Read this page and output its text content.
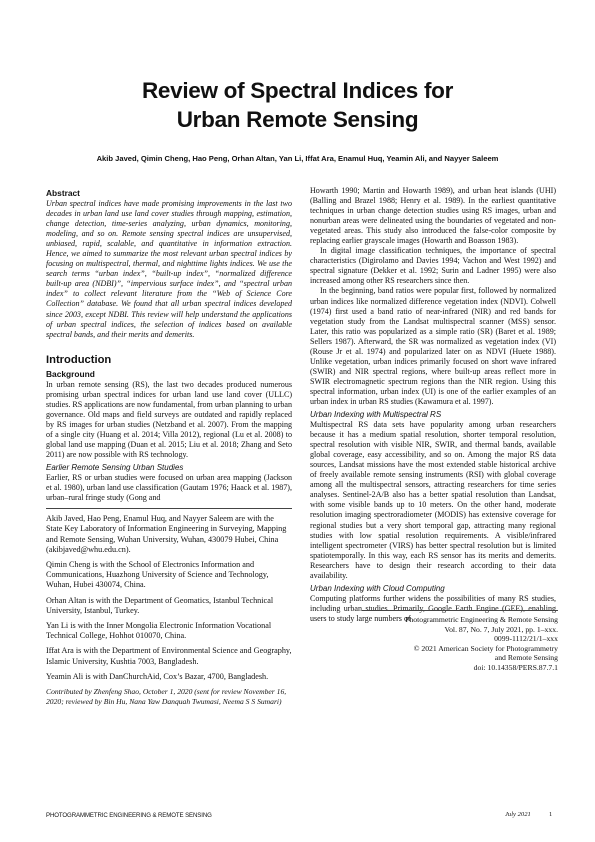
Review of Spectral Indices for
Urban Remote Sensing
Akib Javed, Qimin Cheng, Hao Peng, Orhan Altan, Yan Li, Iffat Ara, Enamul Huq, Yeamin Ali, and Nayyer Saleem
Abstract

Urban spectral indices have made promising improvements in the last two decades in urban land use land cover studies through mapping, estimation, change detection, time-series analyzing, urban dynamics, monitoring, modeling, and so on. Remote sensing spectral indices are unsupervised, unbiased, rapid, scalable, and quantitative in information extraction. Hence, we aimed to summarize the most relevant urban spectral indices by focusing on multispectral, thermal, and nighttime lights indices. We use the search terms “urban index”, “built-up index”, “normalized difference built-up area (NDBI)”, “impervious surface index”, and “spectral urban index” to collect relevant literature from the “Web of Science Core Collection” database. We found that all urban spectral indices developed since 2003, except NDBI. This review will help understand the applications of urban spectral indices, the selection of indices based on available spectral bands, and their merits and demerits.

Introduction
Background

In urban remote sensing (RS), the last two decades produced numerous promising urban spectral indices for urban land use land cover (ULLC) studies. RS applications are now fundamental, from urban planning to urban governance. Old maps and field surveys are outdated and rapidly replaced by RS images for urban studies (Netzband et al. 2007). From the mapping of a single city (Huang et al. 2014; Villa 2012), regional (Lu et al. 2008) to global land use mapping (Duan et al. 2015; Liu et al. 2018; Zhang and Seto 2011) are now possible with RS technology.

Earlier Remote Sensing Urban Studies

Earlier, RS or urban studies were focused on urban area mapping (Jackson et al. 1980), urban land use classification (Gautam 1976; Haack et al. 1987), urban–rural fringe study (Gong and

Akib Javed, Hao Peng, Enamul Huq, and Nayyer Saleem are with the State Key Laboratory of Information Engineering in Surveying, Mapping and Remote Sensing, Wuhan University, Wuhan, 430079 Hubei, China (akibjaved@whu.edu.cn).

Qimin Cheng is with the School of Electronics Information and Communications, Huazhong University of Science and Technology, Wuhan, Hubei 430074, China.

Orhan Altan is with the Department of Geomatics, Istanbul Technical University, Istanbul, Turkey.

Yan Li is with the Inner Mongolia Electronic Information Vocational Technical College, Hohhot 010070, China.

Iffat Ara is with the Department of Environmental Science and Geography, Islamic University, Kushtia 7003, Bangladesh.

Yeamin Ali is with DanChurchAid, Cox’s Bazar, 4700, Bangladesh.

Contributed by Zhenfeng Shao, October 1, 2020 (sent for review November 16, 2020; reviewed by Bin Hu, Nana Yaw Danquah Twumasi, Neema S S Sumari)

Howarth 1990; Martin and Howarth 1989), and urban heat islands (UHI) (Balling and Brazel 1988; Henry et al. 1989). In the earliest quantitative techniques in urban change detection studies using RS images, urban and nonurban areas were delineated using the boundaries of vegetated and non-vegetated areas. This study also introduced the false-color composite by replacing earlier grayscale images (Howarth and Boasson 1983).

In digital image classification techniques, the importance of spectral characteristics (Digirolamo and Davies 1994; Vachon and West 1992) and spectral signature (Dekker et al. 1992; Surin and Ladner 1995) were also increased among other RS researchers since then.

In the beginning, band ratios were popular first, followed by normalized urban indices like normalized difference vegetation index (NDVI). Colwell (1974) first used a band ratio of near-infrared (NIR) and red bands for vegetation study from the Landsat multispectral scanner (MSS) sensor. Later, this ratio was popularized as a simple ratio (SR) (Baret et al. 1989; Sellers 1987). Afterward, the SR was normalized as vegetation index (VI) (Rouse Jr et al. 1974) and popularized later on as NDVI (Huete 1988). Unlike vegetation, urban indices primarily focused on short wave infrared (SWIR) and NIR spectral regions, where built-up areas reflect more in SWIR electromagnetic spectrum regions than the NIR region. Using this spectral information, urban index (UI) is one of the earlier examples of an urban index in urban RS studies (Kawamura et al. 1997).

Urban Indexing with Multispectral RS

Multispectral RS data sets have popularity among urban researchers because it has a medium spatial resolution, shorter temporal resolution, spectral resolution with visible NIR, SWIR, and thermal bands, available global coverage, easy accessibility, and so on. Among the major RS data sources, Landsat missions have the most extended stable historical archive of freely available remote sensing instruments (RSI) with global coverage among all the multispectral sensors, attracting researchers for time series analyses. Sentinel-2A/B also has a better spatial resolution than Landsat, with some visible bands up to 10 meters. On the other hand, moderate resolution imaging spectroradiometer (MODIS) has extensive coverage for regional studies but a very short temporal gap, attracting many regional studies with low spatial resolution requirements. A visible/infrared intelligent spectrometer (VIRS) has better spectral resolution but is limited spatiotemporally. In this way, each RS sensor has its merits and demerits. Researchers have to design their research according to their data availability.

Urban Indexing with Cloud Computing

Computing platforms further widens the possibilities of many RS studies, including urban studies. Primarily, Google Earth Engine (GEE), enabling users to study large numbers of

Photogrammetric Engineering & Remote Sensing
Vol. 87, No. 7, July 2021, pp. 1–xxx.
0099-1112/21/1–xxx
© 2021 American Society for Photogrammetry
and Remote Sensing
doi: 10.14358/PERS.87.7.1
PHOTOGRAMMETRIC ENGINEERING & REMOTE SENSING	July 2021	1
